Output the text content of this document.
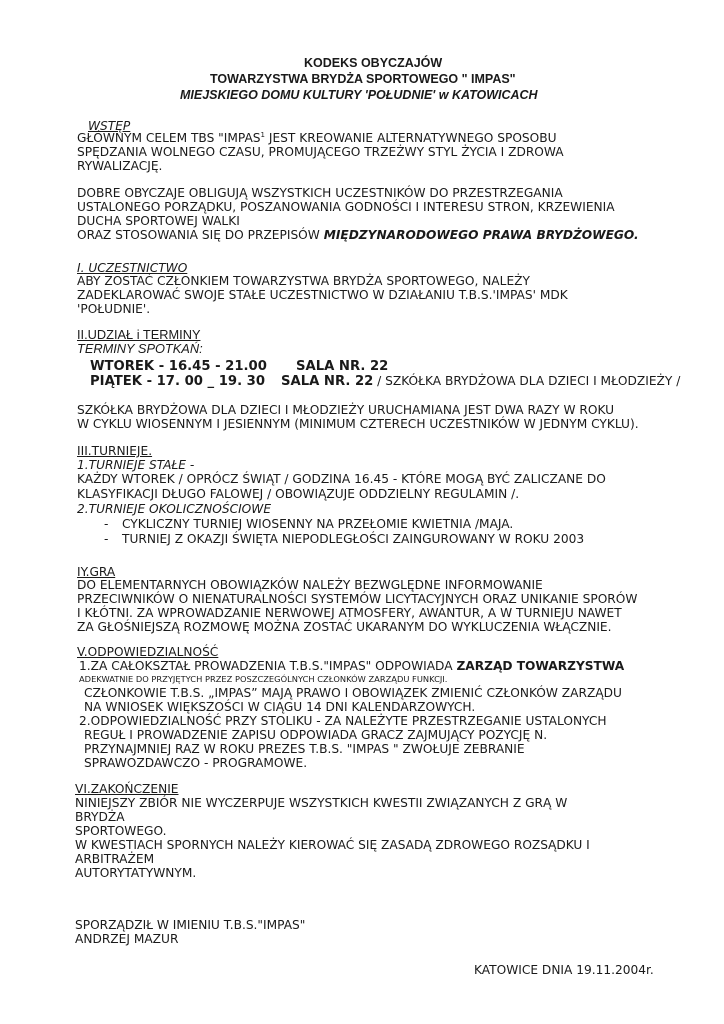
KODEKS OBYCZAJÓW
TOWARZYSTWA BRYDŻA SPORTOWEGO " IMPAS"
MIEJSKIEGO DOMU KULTURY 'POŁUDNIE' w KATOWICACH
WSTĘP
GŁÓWNYM CELEM TBS "IMPAS$^1$ JEST KREOWANIE ALTERNATYWNEGO SPOSOBU
SPĘDZANIA WOLNEGO CZASU, PROMUJĄCEGO TRZEŻWY STYL ŻYCIA I ZDROWA
RYWALIZACJĘ.
DOBRE OBYCZAJE OBLIGUJĄ WSZYSTKICH UCZESTNIKÓW DO PRZESTRZEGANIA
USTALONEGO PORZĄDKU, POSZANOWANIA GODNOŚCI I INTERESU STRON, KRZEWIENIA
DUCHA SPORTOWEJ WALKI
ORAZ STOSOWANIA SIĘ DO PRZEPISÓW MIĘDZYNARODOWEGO PRAWA BRYDŻOWEGO.
I. UCZESTNICTWO
ABY ZOSTAĆ CZŁONKIEM TOWARZYSTWA BRYDŻA SPORTOWEGO, NALEŻY
ZADEKLAROWAĆ SWOJE STAŁE UCZESTNICTWO W DZIAŁANIU T.B.S.'IMPAS' MDK
'POŁUDNIE'.
II.UDZIAŁ i TERMINY
TERMINY SPOTKAŃ:
WTOREK - 16.45 - 21.00 SALA NR. 22
PIĄTEK - 17. 00 _ 19. 30 SALA NR. 22 / SZKÓŁKA BRYDŻOWA DLA DZIECI I MŁODZIEŻY /
SZKÓŁKA BRYDŻOWA DLA DZIECI I MŁODZIEŻY URUCHAMIANA JEST DWA RAZY W ROKU
W CYKLU WIOSENNYM I JESIENNYM (MINIMUM CZTERECH UCZESTNIKÓW W JEDNYM CYKLU).
III.TURNIEJE.
1.TURNIEJE STAŁE -
KAŻDY WTOREK / OPRÓCZ ŚWIĄT / GODZINA 16.45 - KTÓRE MOGĄ BYĆ ZALICZANE DO
KLASYFIKACJI DŁUGO FALOWEJ / OBOWIĄZUJE ODDZIELNY REGULAMIN /.
2.TURNIEJE OKOLICZNOŚCIOWE
- CYKLICZNY TURNIEJ WIOSENNY NA PRZEŁOMIE KWIETNIA /MAJA.
- TURNIEJ Z OKAZJI ŚWIĘTA NIEPODLEGŁOŚCI ZAINGUROWANY W ROKU 2003
IY.GRA
DO ELEMENTARNYCH OBOWIĄZKÓW NALEŻY BEZWGLĘDNE INFORMOWANIE
PRZECIWNIKÓW O NIENATURALNOŚCI SYSTEMÓW LICYTACYJNYCH ORAZ UNIKANIE SPORÓW
I KŁÓTNI. ZA WPROWADZANIE NERWOWEJ ATMOSFERY, AWANTUR, A W TURNIEJU NAWET
ZA GŁOŚNIEJSZĄ ROZMOWĘ MOŻNA ZOSTAĆ UKARANYM DO WYKLUCZENIA WŁĄCZNIE.
V.ODPOWIEDZIALNOŚĆ
1.ZA CAŁOKSZTAŁ PROWADZENIA T.B.S."IMPAS" ODPOWIADA ZARZĄD TOWARZYSTWA
ADEKWATNIE DO PRZYJĘTYCH PRZEZ POSZCZEGÓLNYCH CZŁONKÓW ZARZĄDU FUNKCJI.
CZŁONKOWIE T.B.S. „IMPAS” MAJĄ PRAWO I OBOWIĄZEK ZMIENIĆ CZŁONKÓW ZARZĄDU
NA WNIOSEK WIĘKSZOŚCI W CIĄGU 14 DNI KALENDARZOWYCH.
2.ODPOWIEDZIALNOŚĆ PRZY STOLIKU - ZA NALEŻYTE PRZESTRZEGANIE USTALONYCH
REGUŁ I PROWADZENIE ZAPISU ODPOWIADA GRACZ ZAJMUJĄCY POZYCJĘ N.
PRZYNAJMNIEJ RAZ W ROKU PREZES T.B.S. "IMPAS " ZWOŁUJE ZEBRANIE
SPRAWOZDAWCZO - PROGRAMOWE.
VI.ZAKOŃCZENIE
NINIEJSZY ZBIÓR NIE WYCZERPUJE WSZYSTKICH KWESTII ZWIĄZANYCH Z GRĄ W
BRYDŻA
SPORTOWEGO.
W KWESTIACH SPORNYCH NALEŻY KIEROWAĆ SIĘ ZASADĄ ZDROWEGO ROZSĄDKU I
ARBITRAŻEM
AUTORYTATYWNYM.
SPORZĄDZIŁ W IMIENIU T.B.S."IMPAS"
ANDRZEJ MAZUR
KATOWICE DNIA 19.11.2004r.
